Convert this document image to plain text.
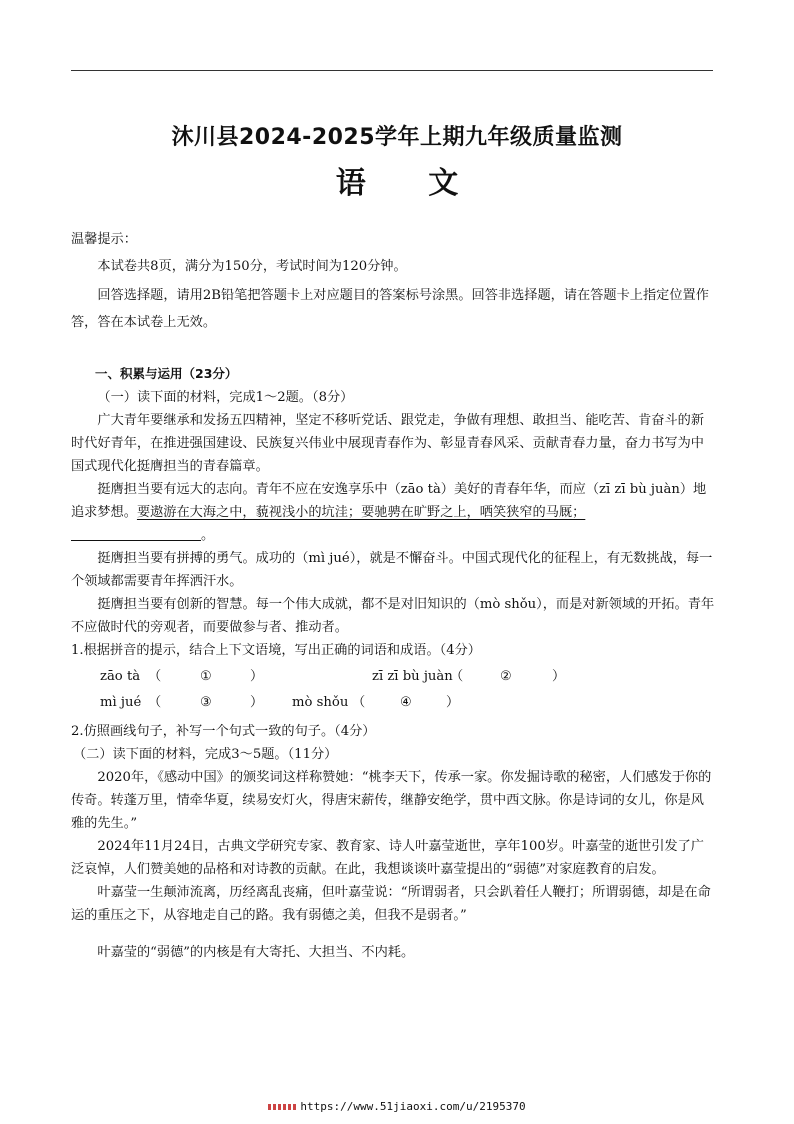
沐川县2024-2025学年上期九年级质量监测
语 文

温馨提示：

本试卷共8页，满分为150分，考试时间为120分钟。

回答选择题，请用2B铅笔把答题卡上对应题目的答案标号涂黑。回答非选择题，请在答题卡上指定位置作答，答在本试卷上无效。

一、积累与运用（23分）

（一）读下面的材料，完成1～2题。（8分）

广大青年要继承和发扬五四精神，坚定不移听党话、跟党走，争做有理想、敢担当、能吃苦、肯奋斗的新时代好青年，在推进强国建设、民族复兴伟业中展现青春作为、彰显青春风采、贡献青春力量，奋力书写为中国式现代化挺膺担当的青春篇章。

挺膺担当要有远大的志向。青年不应在安逸享乐中（zāo tà）美好的青春年华，而应（zī zī bù juàn）地追求梦想。要遨游在大海之中，藐视浅小的坑洼；要驰骋在旷野之上，哂笑狭窄的马厩；。

挺膺担当要有拼搏的勇气。成功的（mì jué），就是不懈奋斗。中国式现代化的征程上，有无数挑战，每一个领域都需要青年挥洒汗水。

挺膺担当要有创新的智慧。每一个伟大成就，都不是对旧知识的（mò shǒu），而是对新领域的开拓。青年不应做时代的旁观者，而要做参与者、推动者。

1.根据拼音的提示，结合上下文语境，写出正确的词语和成语。（4分）

zāo tà （	①	）	zī zī bù juàn
（	②	）
mì jué （	③	） mò shǒu （	④	）

2.仿照画线句子，补写一个句式一致的句子。（4分）

（二）读下面的材料，完成3～5题。（11分）

2020年，《感动中国》的颁奖词这样称赞她：“桃李天下，传承一家。你发掘诗歌的秘密，人们感发于你的传奇。转蓬万里，情牵华夏，续易安灯火，得唐宋薪传，继静安绝学，贯中西文脉。你是诗词的女儿，你是风雅的先生。”

2024年11月24日，古典文学研究专家、教育家、诗人叶嘉莹逝世，享年100岁。叶嘉莹的逝世引发了广泛哀悼，人们赞美她的品格和对诗教的贡献。在此，我想谈谈叶嘉莹提出的“弱德”对家庭教育的启发。

叶嘉莹一生颠沛流离，历经离乱丧痛，但叶嘉莹说：“所谓弱者，只会趴着任人鞭打；所谓弱德，却是在命运的重压之下，从容地走自己的路。我有弱德之美，但我不是弱者。”

叶嘉莹的“弱德”的内核是有大寄托、大担当、不内耗。

https://www.51jiaoxi.com/u/2195370
